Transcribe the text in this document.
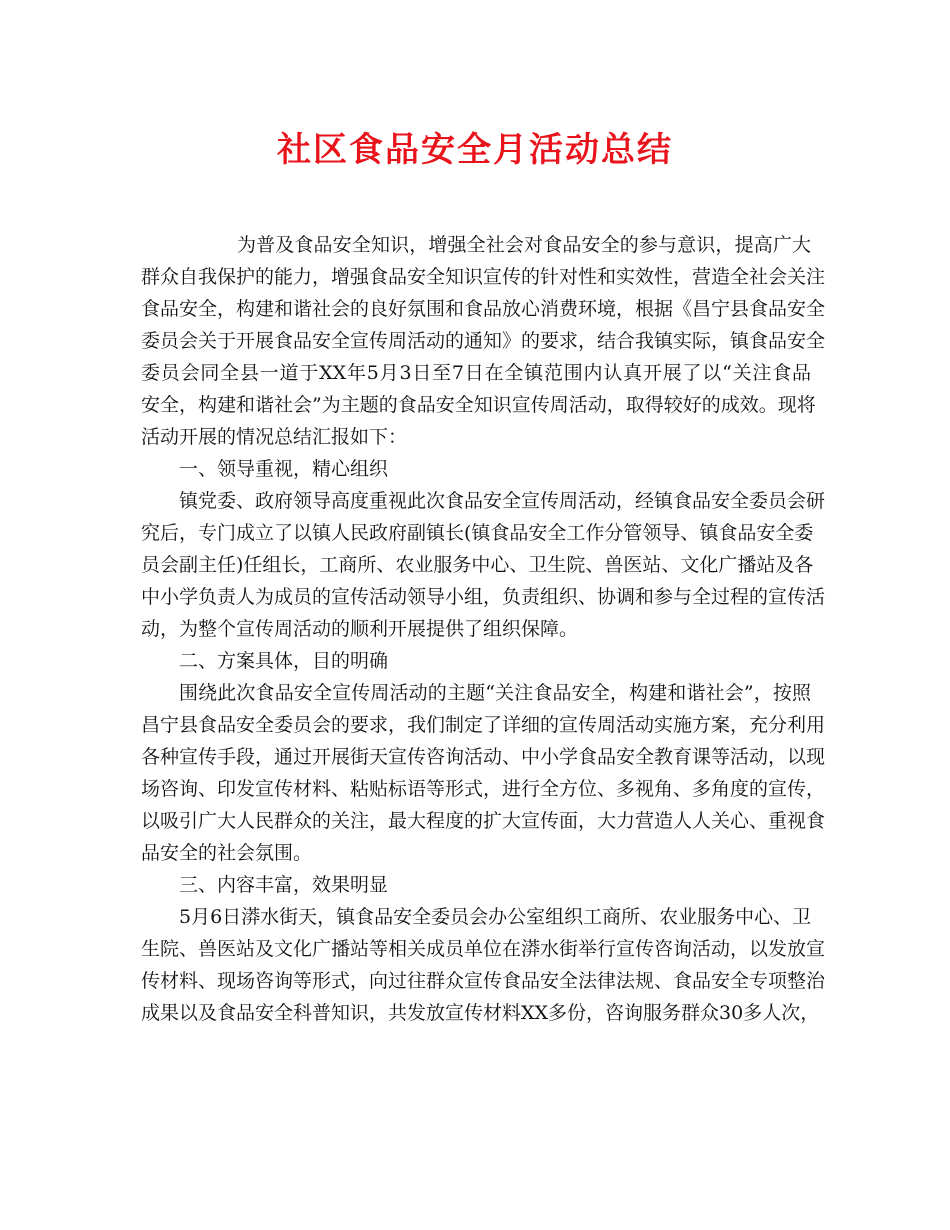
社区食品安全月活动总结
为普及食品安全知识，增强全社会对食品安全的参与意识，提高广大
群众自我保护的能力，增强食品安全知识宣传的针对性和实效性，营造全社会关注
食品安全，构建和谐社会的良好氛围和食品放心消费环境，根据《昌宁县食品安全
委员会关于开展食品安全宣传周活动的通知》的要求，结合我镇实际，镇食品安全
委员会同全县一道于XX年5月3日至7日在全镇范围内认真开展了以“关注食品
安全，构建和谐社会”为主题的食品安全知识宣传周活动，取得较好的成效。现将
活动开展的情况总结汇报如下：
一、领导重视，精心组织
镇党委、政府领导高度重视此次食品安全宣传周活动，经镇食品安全委员会研
究后，专门成立了以镇人民政府副镇长(镇食品安全工作分管领导、镇食品安全委
员会副主任)任组长，工商所、农业服务中心、卫生院、兽医站、文化广播站及各
中小学负责人为成员的宣传活动领导小组，负责组织、协调和参与全过程的宣传活
动，为整个宣传周活动的顺利开展提供了组织保障。
二、方案具体，目的明确
围绕此次食品安全宣传周活动的主题“关注食品安全，构建和谐社会”，按照
昌宁县食品安全委员会的要求，我们制定了详细的宣传周活动实施方案，充分利用
各种宣传手段，通过开展街天宣传咨询活动、中小学食品安全教育课等活动，以现
场咨询、印发宣传材料、粘贴标语等形式，进行全方位、多视角、多角度的宣传，
以吸引广大人民群众的关注，最大程度的扩大宣传面，大力营造人人关心、重视食
品安全的社会氛围。
三、内容丰富，效果明显
5月6日漭水街天，镇食品安全委员会办公室组织工商所、农业服务中心、卫
生院、兽医站及文化广播站等相关成员单位在漭水街举行宣传咨询活动，以发放宣
传材料、现场咨询等形式，向过往群众宣传食品安全法律法规、食品安全专项整治
成果以及食品安全科普知识，共发放宣传材料XX多份，咨询服务群众30多人次，
